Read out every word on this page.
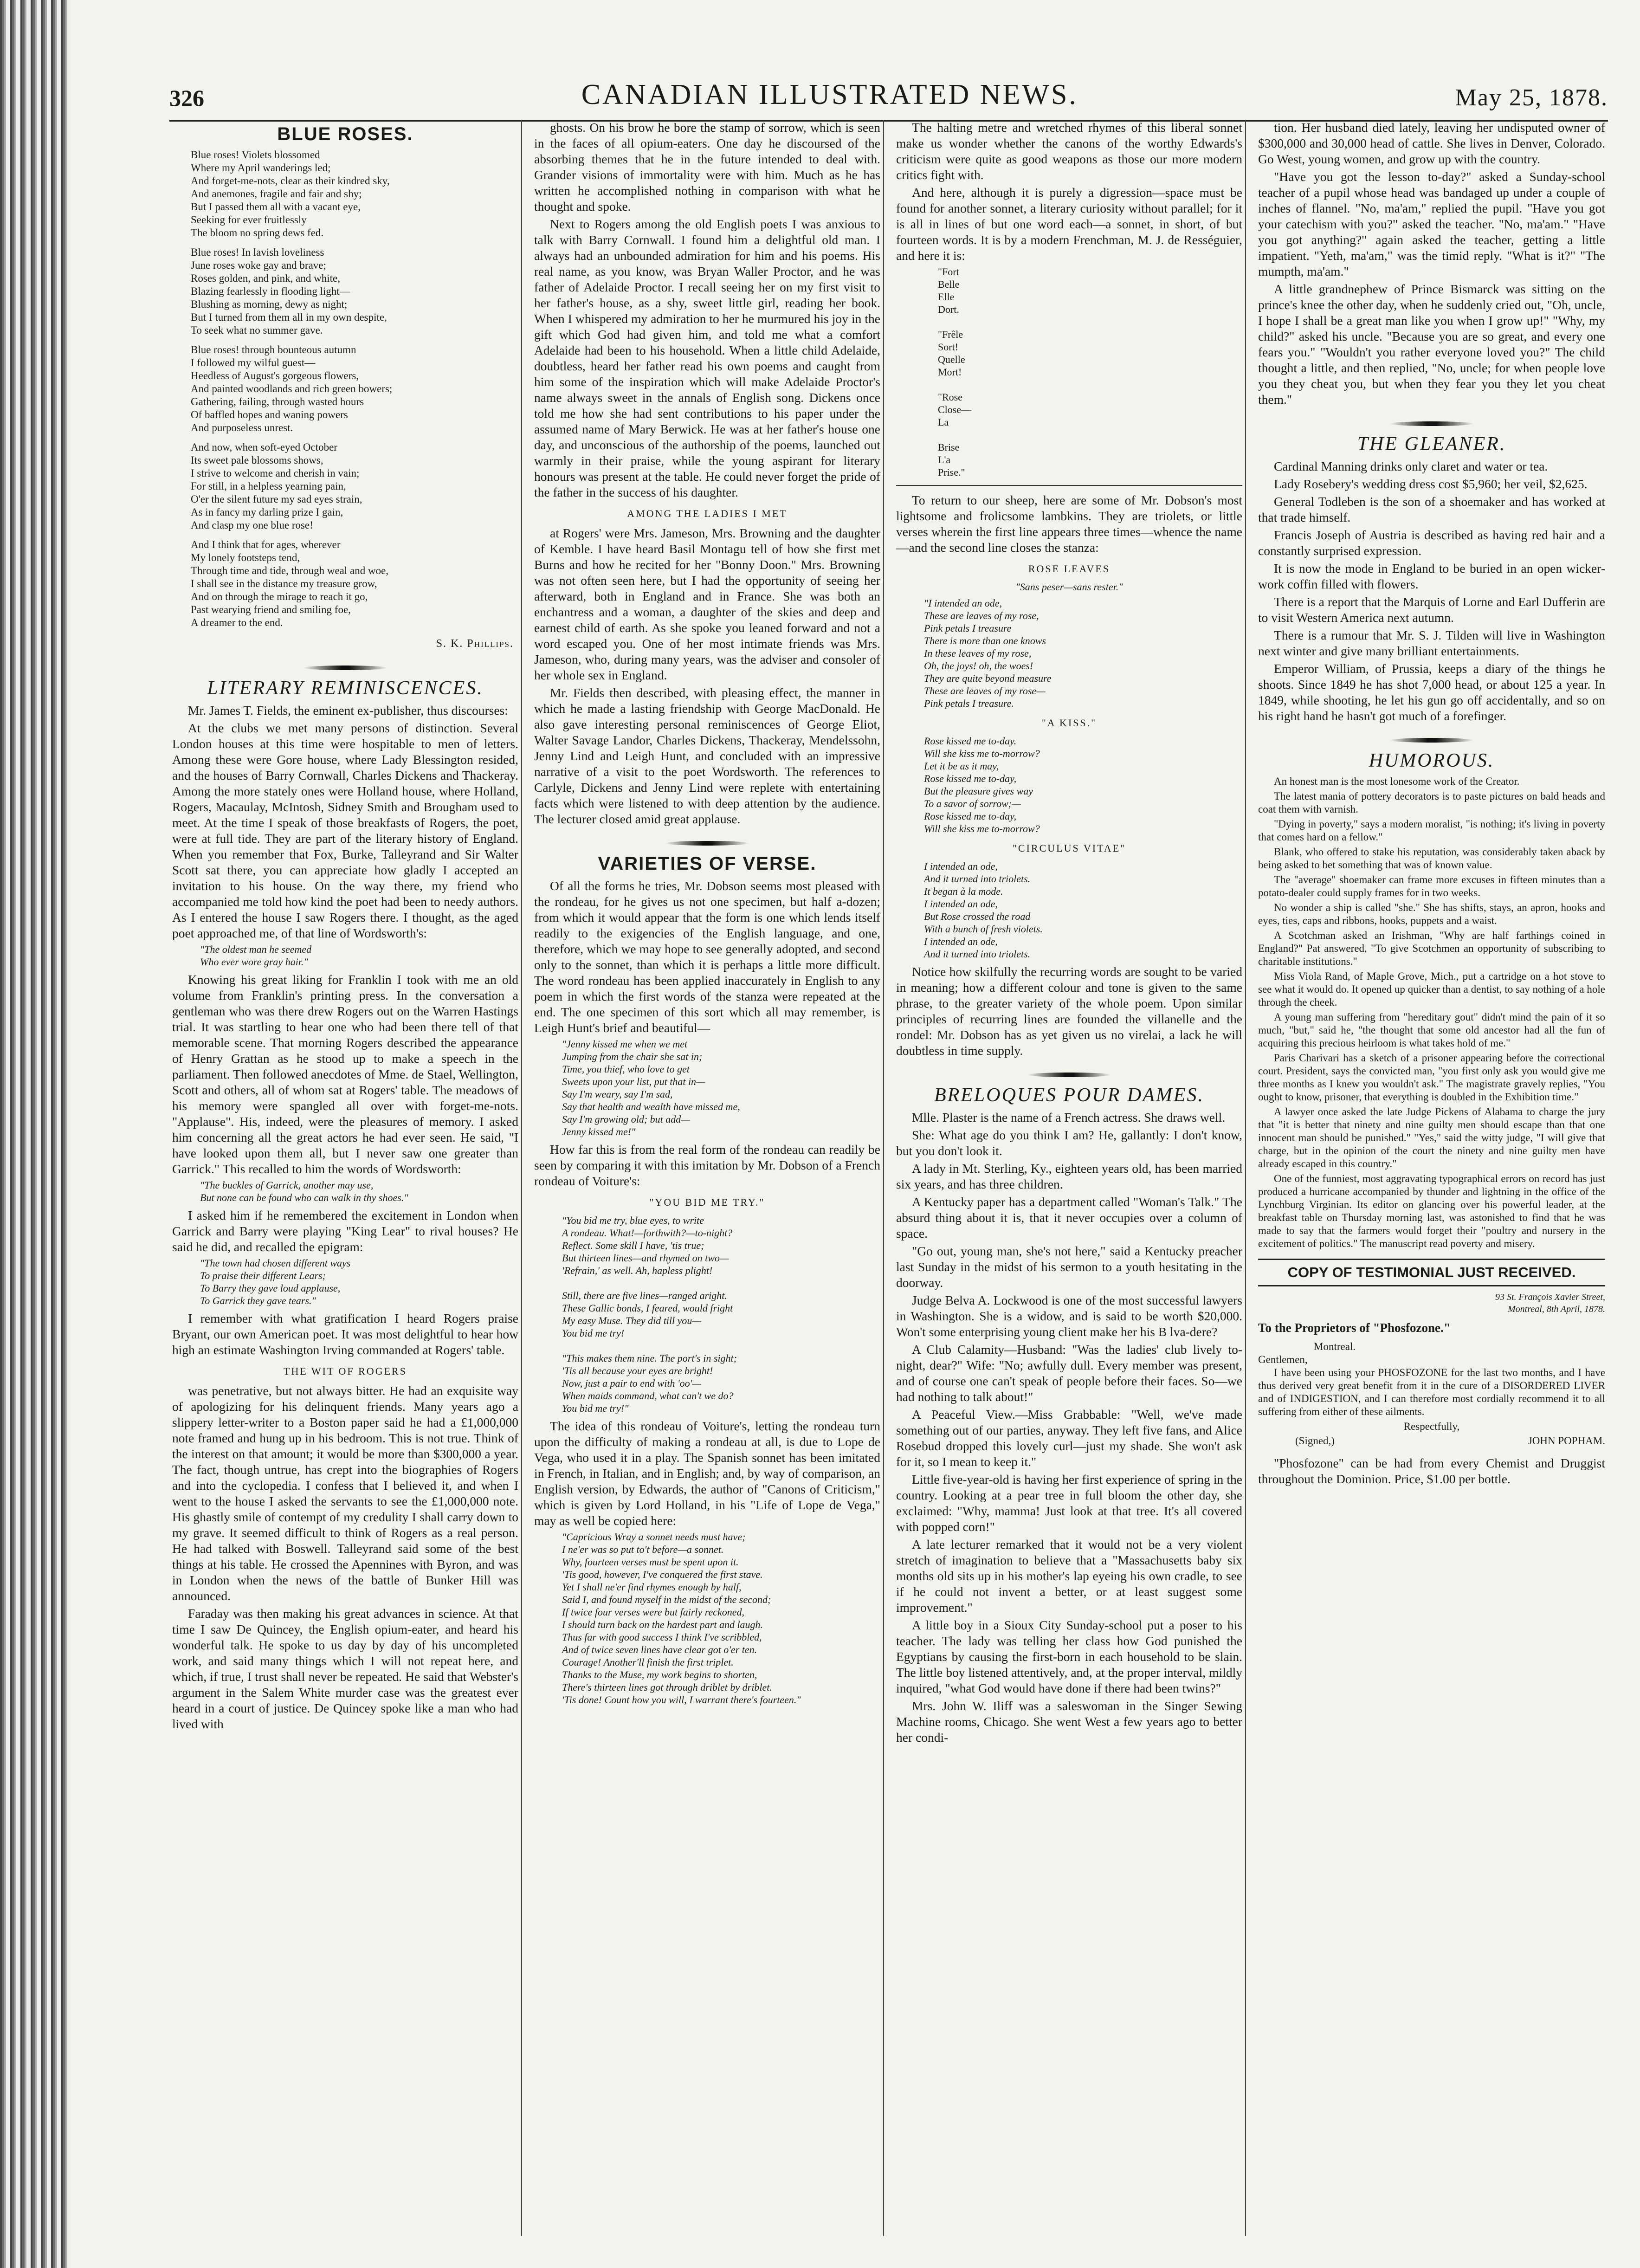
326	CANADIAN ILLUSTRATED NEWS.	May 25, 1878.
BLUE ROSES.
Blue roses! Violets blossomed
Where my April wanderings led;
And forget-me-nots, clear as their kindred sky,
And anemones, fragile and fair and shy;
But I passed them all with a vacant eye,
Seeking for ever fruitlessly
The bloom no spring dews fed.
Blue roses! In lavish loveliness
June roses woke gay and brave;
Roses golden, and pink, and white,
Blazing fearlessly in flooding light—
Blushing as morning, dewy as night;
But I turned from them all in my own despite,
To seek what no summer gave.
Blue roses! through bounteous autumn
I followed my wilful guest—
Heedless of August's gorgeous flowers,
And painted woodlands and rich green bowers;
Gathering, failing, through wasted hours
Of baffled hopes and waning powers
And purposeless unrest.
And now, when soft-eyed October
Its sweet pale blossoms shows,
I strive to welcome and cherish in vain;
For still, in a helpless yearning pain,
O'er the silent future my sad eyes strain,
As in fancy my darling prize I gain,
And clasp my one blue rose!
And I think that for ages, wherever
My lonely footsteps tend,
Through time and tide, through weal and woe,
I shall see in the distance my treasure grow,
And on through the mirage to reach it go,
Past wearying friend and smiling foe,
A dreamer to the end.
S. K. Phillips.
LITERARY REMINISCENCES.

Mr. James T. Fields, the eminent ex-publisher, thus discourses:

At the clubs we met many persons of distinction. Several London houses at this time were hospitable to men of letters. Among these were Gore house, where Lady Blessington resided, and the houses of Barry Cornwall, Charles Dickens and Thackeray. Among the more stately ones were Holland house, where Holland, Rogers, Macaulay, McIntosh, Sidney Smith and Brougham used to meet. At the time I speak of those breakfasts of Rogers, the poet, were at full tide. They are part of the literary history of England. When you remember that Fox, Burke, Talleyrand and Sir Walter Scott sat there, you can appreciate how gladly I accepted an invitation to his house. On the way there, my friend who accompanied me told how kind the poet had been to needy authors. As I entered the house I saw Rogers there. I thought, as the aged poet approached me, of that line of Wordsworth's:

"The oldest man he seemed
Who ever wore gray hair."

Knowing his great liking for Franklin I took with me an old volume from Franklin's printing press. In the conversation a gentleman who was there drew Rogers out on the Warren Hastings trial. It was startling to hear one who had been there tell of that memorable scene. That morning Rogers described the appearance of Henry Grattan as he stood up to make a speech in the parliament. Then followed anecdotes of Mme. de Stael, Wellington, Scott and others, all of whom sat at Rogers' table. The meadows of his memory were spangled all over with forget-me-nots. "Applause". His, indeed, were the pleasures of memory. I asked him concerning all the great actors he had ever seen. He said, "I have looked upon them all, but I never saw one greater than Garrick." This recalled to him the words of Wordsworth:

"The buckles of Garrick, another may use,
But none can be found who can walk in thy shoes."

I asked him if he remembered the excitement in London when Garrick and Barry were playing "King Lear" to rival houses? He said he did, and recalled the epigram:

"The town had chosen different ways
To praise their different Lears;
To Barry they gave loud applause,
To Garrick they gave tears."

I remember with what gratification I heard Rogers praise Bryant, our own American poet. It was most delightful to hear how high an estimate Washington Irving commanded at Rogers' table.

THE WIT OF ROGERS

was penetrative, but not always bitter. He had an exquisite way of apologizing for his delinquent friends. Many years ago a slippery letter-writer to a Boston paper said he had a £1,000,000 note framed and hung up in his bedroom. This is not true. Think of the interest on that amount; it would be more than $300,000 a year. The fact, though untrue, has crept into the biographies of Rogers and into the cyclopedia. I confess that I believed it, and when I went to the house I asked the servants to see the £1,000,000 note. His ghastly smile of contempt of my credulity I shall carry down to my grave. It seemed difficult to think of Rogers as a real person. He had talked with Boswell. Talleyrand said some of the best things at his table. He crossed the Apennines with Byron, and was in London when the news of the battle of Bunker Hill was announced.

Faraday was then making his great advances in science. At that time I saw De Quincey, the English opium-eater, and heard his wonderful talk. He spoke to us day by day of his uncompleted work, and said many things which I will not repeat here, and which, if true, I trust shall never be repeated. He said that Webster's argument in the Salem White murder case was the greatest ever heard in a court of justice. De Quincey spoke like a man who had lived with

ghosts. On his brow he bore the stamp of sorrow, which is seen in the faces of all opium-eaters. One day he discoursed of the absorbing themes that he in the future intended to deal with. Grander visions of immortality were with him. Much as he has written he accomplished nothing in comparison with what he thought and spoke.

Next to Rogers among the old English poets I was anxious to talk with Barry Cornwall. I found him a delightful old man. I always had an unbounded admiration for him and his poems. His real name, as you know, was Bryan Waller Proctor, and he was father of Adelaide Proctor. I recall seeing her on my first visit to her father's house, as a shy, sweet little girl, reading her book. When I whispered my admiration to her he murmured his joy in the gift which God had given him, and told me what a comfort Adelaide had been to his household. When a little child Adelaide, doubtless, heard her father read his own poems and caught from him some of the inspiration which will make Adelaide Proctor's name always sweet in the annals of English song. Dickens once told me how she had sent contributions to his paper under the assumed name of Mary Berwick. He was at her father's house one day, and unconscious of the authorship of the poems, launched out warmly in their praise, while the young aspirant for literary honours was present at the table. He could never forget the pride of the father in the success of his daughter.

AMONG THE LADIES I MET

at Rogers' were Mrs. Jameson, Mrs. Browning and the daughter of Kemble. I have heard Basil Montagu tell of how she first met Burns and how he recited for her "Bonny Doon." Mrs. Browning was not often seen here, but I had the opportunity of seeing her afterward, both in England and in France. She was both an enchantress and a woman, a daughter of the skies and deep and earnest child of earth. As she spoke you leaned forward and not a word escaped you. One of her most intimate friends was Mrs. Jameson, who, during many years, was the adviser and consoler of her whole sex in England.

Mr. Fields then described, with pleasing effect, the manner in which he made a lasting friendship with George MacDonald. He also gave interesting personal reminiscences of George Eliot, Walter Savage Landor, Charles Dickens, Thackeray, Mendelssohn, Jenny Lind and Leigh Hunt, and concluded with an impressive narrative of a visit to the poet Wordsworth. The references to Carlyle, Dickens and Jenny Lind were replete with entertaining facts which were listened to with deep attention by the audience. The lecturer closed amid great applause.

VARIETIES OF VERSE.

Of all the forms he tries, Mr. Dobson seems most pleased with the rondeau, for he gives us not one specimen, but half a-dozen; from which it would appear that the form is one which lends itself readily to the exigencies of the English language, and one, therefore, which we may hope to see generally adopted, and second only to the sonnet, than which it is perhaps a little more difficult. The word rondeau has been applied inaccurately in English to any poem in which the first words of the stanza were repeated at the end. The one specimen of this sort which all may remember, is Leigh Hunt's brief and beautiful—

"Jenny kissed me when we met
Jumping from the chair she sat in;
Time, you thief, who love to get
Sweets upon your list, put that in—
Say I'm weary, say I'm sad,
Say that health and wealth have missed me,
Say I'm growing old; but add—
Jenny kissed me!"

How far this is from the real form of the rondeau can readily be seen by comparing it with this imitation by Mr. Dobson of a French rondeau of Voiture's:

"YOU BID ME TRY."
"You bid me try, blue eyes, to write
A rondeau. What!—forthwith?—to-night?
Reflect. Some skill I have, 'tis true;
But thirteen lines—and rhymed on two—
'Refrain,' as well. Ah, hapless plight!

Still, there are five lines—ranged aright.
These Gallic bonds, I feared, would fright
My easy Muse. They did till you—
You bid me try!

"This makes them nine. The port's in sight;
'Tis all because your eyes are bright!
Now, just a pair to end with 'oo'—
When maids command, what can't we do?
You bid me try!"

The idea of this rondeau of Voiture's, letting the rondeau turn upon the difficulty of making a rondeau at all, is due to Lope de Vega, who used it in a play. The Spanish sonnet has been imitated in French, in Italian, and in English; and, by way of comparison, an English version, by Edwards, the author of "Canons of Criticism," which is given by Lord Holland, in his "Life of Lope de Vega," may as well be copied here:

"Capricious Wray a sonnet needs must have;
I ne'er was so put to't before—a sonnet.
Why, fourteen verses must be spent upon it.
'Tis good, however, I've conquered the first stave.
Yet I shall ne'er find rhymes enough by half,
Said I, and found myself in the midst of the second;
If twice four verses were but fairly reckoned,
I should turn back on the hardest part and laugh.
Thus far with good success I think I've scribbled,
And of twice seven lines have clear got o'er ten.
Courage! Another'll finish the first triplet.
Thanks to the Muse, my work begins to shorten,
There's thirteen lines got through driblet by driblet.
'Tis done! Count how you will, I warrant there's fourteen."

The halting metre and wretched rhymes of this liberal sonnet make us wonder whether the canons of the worthy Edwards's criticism were quite as good weapons as those our more modern critics fight with.

And here, although it is purely a digression—space must be found for another sonnet, a literary curiosity without parallel; for it is all in lines of but one word each—a sonnet, in short, of but fourteen words. It is by a modern Frenchman, M. J. de Rességuier, and here it is:

"Fort
Belle
Elle
Dort.

"Frêle
Sort!
Quelle
Mort!

"Rose
Close—
La

Brise
L'a
Prise."

To return to our sheep, here are some of Mr. Dobson's most lightsome and frolicsome lambkins. They are triolets, or little verses wherein the first line appears three times—whence the name—and the second line closes the stanza:

ROSE LEAVES
"Sans peser—sans rester."
"I intended an ode,
These are leaves of my rose,
Pink petals I treasure
There is more than one knows
In these leaves of my rose,
Oh, the joys! oh, the woes!
They are quite beyond measure
These are leaves of my rose—
Pink petals I treasure.
"A KISS."
Rose kissed me to-day.
Will she kiss me to-morrow?
Let it be as it may,
Rose kissed me to-day,
But the pleasure gives way
To a savor of sorrow;—
Rose kissed me to-day,
Will she kiss me to-morrow?
"CIRCULUS VITAE"
I intended an ode,
And it turned into triolets.
It began à la mode.
I intended an ode,
But Rose crossed the road
With a bunch of fresh violets.
I intended an ode,
And it turned into triolets.

Notice how skilfully the recurring words are sought to be varied in meaning; how a different colour and tone is given to the same phrase, to the greater variety of the whole poem. Upon similar principles of recurring lines are founded the villanelle and the rondel: Mr. Dobson has as yet given us no virelai, a lack he will doubtless in time supply.

BRELOQUES POUR DAMES.

Mlle. Plaster is the name of a French actress. She draws well.

She: What age do you think I am? He, gallantly: I don't know, but you don't look it.

A lady in Mt. Sterling, Ky., eighteen years old, has been married six years, and has three children.

A Kentucky paper has a department called "Woman's Talk." The absurd thing about it is, that it never occupies over a column of space.

"Go out, young man, she's not here," said a Kentucky preacher last Sunday in the midst of his sermon to a youth hesitating in the doorway.

Judge Belva A. Lockwood is one of the most successful lawyers in Washington. She is a widow, and is said to be worth $20,000. Won't some enterprising young client make her his B lva-dere?

A Club Calamity—Husband: "Was the ladies' club lively to-night, dear?" Wife: "No; awfully dull. Every member was present, and of course one can't speak of people before their faces. So—we had nothing to talk about!"

A Peaceful View.—Miss Grabbable: "Well, we've made something out of our parties, anyway. They left five fans, and Alice Rosebud dropped this lovely curl—just my shade. She won't ask for it, so I mean to keep it."

Little five-year-old is having her first experience of spring in the country. Looking at a pear tree in full bloom the other day, she exclaimed: "Why, mamma! Just look at that tree. It's all covered with popped corn!"

A late lecturer remarked that it would not be a very violent stretch of imagination to believe that a "Massachusetts baby six months old sits up in his mother's lap eyeing his own cradle, to see if he could not invent a better, or at least suggest some improvement."

A little boy in a Sioux City Sunday-school put a poser to his teacher. The lady was telling her class how God punished the Egyptians by causing the first-born in each household to be slain. The little boy listened attentively, and, at the proper interval, mildly inquired, "what God would have done if there had been twins?"

Mrs. John W. Iliff was a saleswoman in the Singer Sewing Machine rooms, Chicago. She went West a few years ago to better her condi-

tion. Her husband died lately, leaving her undisputed owner of $300,000 and 30,000 head of cattle. She lives in Denver, Colorado. Go West, young women, and grow up with the country.

"Have you got the lesson to-day?" asked a Sunday-school teacher of a pupil whose head was bandaged up under a couple of inches of flannel. "No, ma'am," replied the pupil. "Have you got your catechism with you?" asked the teacher. "No, ma'am." "Have you got anything?" again asked the teacher, getting a little impatient. "Yeth, ma'am," was the timid reply. "What is it?" "The mumpth, ma'am."

A little grandnephew of Prince Bismarck was sitting on the prince's knee the other day, when he suddenly cried out, "Oh, uncle, I hope I shall be a great man like you when I grow up!" "Why, my child?" asked his uncle. "Because you are so great, and every one fears you." "Wouldn't you rather everyone loved you?" The child thought a little, and then replied, "No, uncle; for when people love you they cheat you, but when they fear you they let you cheat them."

THE GLEANER.

Cardinal Manning drinks only claret and water or tea.

Lady Rosebery's wedding dress cost $5,960; her veil, $2,625.

General Todleben is the son of a shoemaker and has worked at that trade himself.

Francis Joseph of Austria is described as having red hair and a constantly surprised expression.

It is now the mode in England to be buried in an open wicker-work coffin filled with flowers.

There is a report that the Marquis of Lorne and Earl Dufferin are to visit Western America next autumn.

There is a rumour that Mr. S. J. Tilden will live in Washington next winter and give many brilliant entertainments.

Emperor William, of Prussia, keeps a diary of the things he shoots. Since 1849 he has shot 7,000 head, or about 125 a year. In 1849, while shooting, he let his gun go off accidentally, and so on his right hand he hasn't got much of a forefinger.

HUMOROUS.

An honest man is the most lonesome work of the Creator.

The latest mania of pottery decorators is to paste pictures on bald heads and coat them with varnish.

"Dying in poverty," says a modern moralist, "is nothing; it's living in poverty that comes hard on a fellow."

Blank, who offered to stake his reputation, was considerably taken aback by being asked to bet something that was of known value.

The "average" shoemaker can frame more excuses in fifteen minutes than a potato-dealer could supply frames for in two weeks.

No wonder a ship is called "she." She has shifts, stays, an apron, hooks and eyes, ties, caps and ribbons, hooks, puppets and a waist.

A Scotchman asked an Irishman, "Why are half farthings coined in England?" Pat answered, "To give Scotchmen an opportunity of subscribing to charitable institutions."

Miss Viola Rand, of Maple Grove, Mich., put a cartridge on a hot stove to see what it would do. It opened up quicker than a dentist, to say nothing of a hole through the cheek.

A young man suffering from "hereditary gout" didn't mind the pain of it so much, "but," said he, "the thought that some old ancestor had all the fun of acquiring this precious heirloom is what takes hold of me."

Paris Charivari has a sketch of a prisoner appearing before the correctional court. President, says the convicted man, "you first only ask you would give me three months as I knew you wouldn't ask." The magistrate gravely replies, "You ought to know, prisoner, that everything is doubled in the Exhibition time."

A lawyer once asked the late Judge Pickens of Alabama to charge the jury that "it is better that ninety and nine guilty men should escape than that one innocent man should be punished." "Yes," said the witty judge, "I will give that charge, but in the opinion of the court the ninety and nine guilty men have already escaped in this country."

One of the funniest, most aggravating typographical errors on record has just produced a hurricane accompanied by thunder and lightning in the office of the Lynchburg Virginian. Its editor on glancing over his powerful leader, at the breakfast table on Thursday morning last, was astonished to find that he was made to say that the farmers would forget their "poultry and nursery in the excitement of politics." The manuscript read poverty and misery.

COPY OF TESTIMONIAL JUST RECEIVED.
93 St. François Xavier Street,
Montreal, 8th April, 1878.
To the Proprietors of "Phosfozone."
Montreal.
Gentlemen,

I have been using your PHOSFOZONE for the last two months, and I have thus derived very great benefit from it in the cure of a DISORDERED LIVER and of INDIGESTION, and I can therefore most cordially recommend it to all suffering from either of these ailments.

Respectfully,
(Signed,)	JOHN POPHAM.

"Phosfozone" can be had from every Chemist and Druggist throughout the Dominion. Price, $1.00 per bottle.
